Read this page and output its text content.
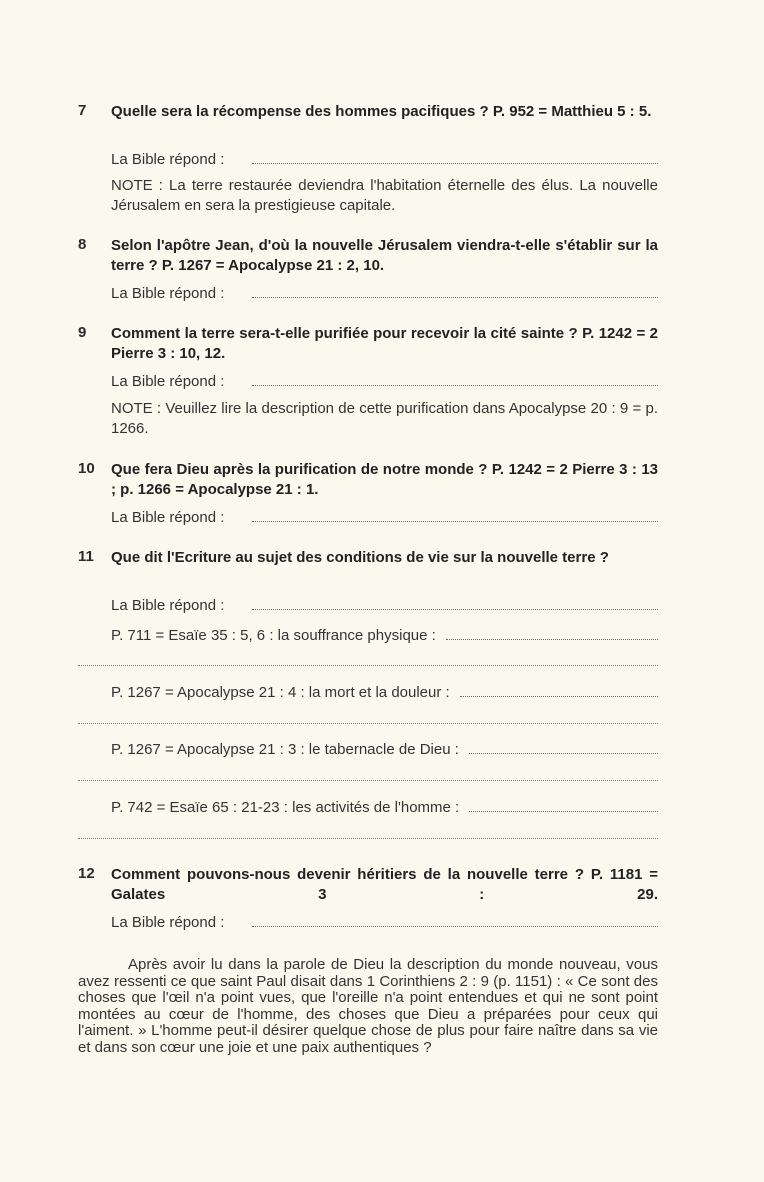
7	Quelle sera la récompense des hommes pacifiques ? P. 952 = Matthieu 5 : 5.
La Bible répond :
NOTE : La terre restaurée deviendra l'habitation éternelle des élus. La nouvelle Jérusalem en sera la prestigieuse capitale.
8	Selon l'apôtre Jean, d'où la nouvelle Jérusalem viendra-t-elle s'établir sur la terre ? P. 1267 = Apocalypse 21 : 2, 10.
La Bible répond :
9	Comment la terre sera-t-elle purifiée pour recevoir la cité sainte ? P. 1242 = 2 Pierre 3 : 10, 12.
La Bible répond :
NOTE : Veuillez lire la description de cette purification dans Apocalypse 20 : 9 = p. 1266.
10	Que fera Dieu après la purification de notre monde ? P. 1242 = 2 Pierre 3 : 13 ; p. 1266 = Apocalypse 21 : 1.
La Bible répond :
11	Que dit l'Ecriture au sujet des conditions de vie sur la nouvelle terre ?
La Bible répond :
P. 711 = Esaïe 35 : 5, 6 : la souffrance physique :
P. 1267 = Apocalypse 21 : 4 : la mort et la douleur :
P. 1267 = Apocalypse 21 : 3 : le tabernacle de Dieu :
P. 742 = Esaïe 65 : 21-23 : les activités de l'homme :
12	Comment pouvons-nous devenir héritiers de la nouvelle terre ? P. 1181 = Galates 3 : 29.
La Bible répond :
Après avoir lu dans la parole de Dieu la description du monde nouveau, vous avez ressenti ce que saint Paul disait dans 1 Corinthiens 2 : 9 (p. 1151) : « Ce sont des choses que l'œil n'a point vues, que l'oreille n'a point entendues et qui ne sont point montées au cœur de l'homme, des choses que Dieu a préparées pour ceux qui l'aiment. » L'homme peut-il désirer quelque chose de plus pour faire naître dans sa vie et dans son cœur une joie et une paix authentiques ?
